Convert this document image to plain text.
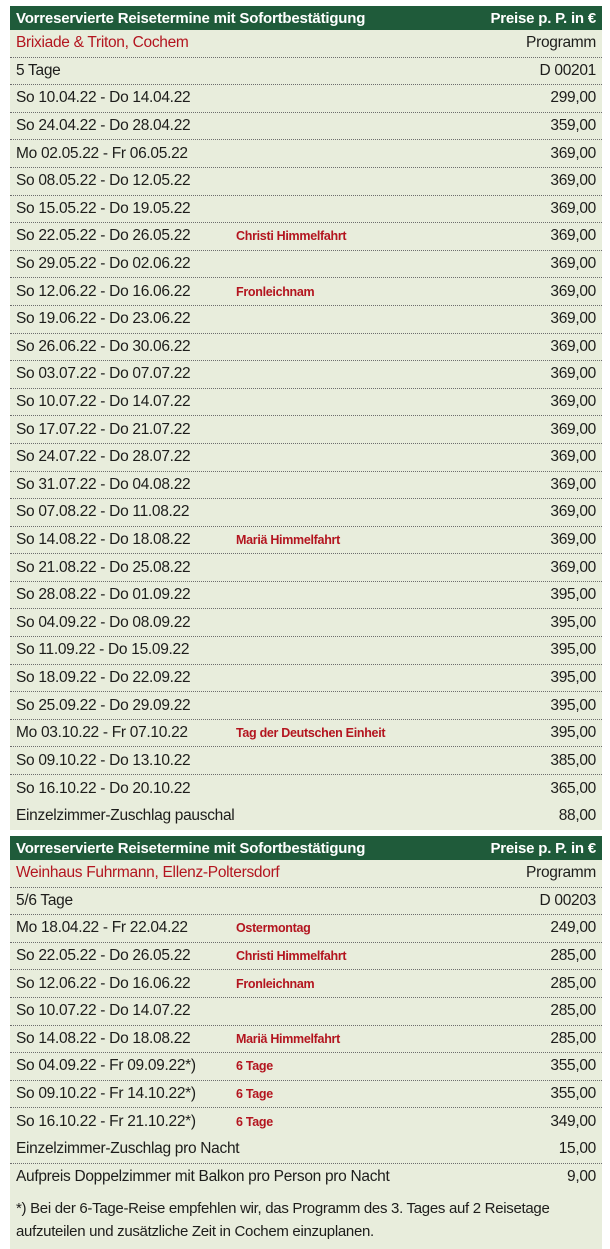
Vorreservierte Reisetermine mit Sofortbestätigung	Preise p. P. in €
Brixiade & Triton, Cochem	Programm
5 Tage	D 00201
So 10.04.22 - Do 14.04.22	299,00
So 24.04.22 - Do 28.04.22	359,00
Mo 02.05.22 - Fr 06.05.22	369,00
So 08.05.22 - Do 12.05.22	369,00
So 15.05.22 - Do 19.05.22	369,00
So 22.05.22 - Do 26.05.22	Christi Himmelfahrt	369,00
So 29.05.22 - Do 02.06.22	369,00
So 12.06.22 - Do 16.06.22	Fronleichnam	369,00
So 19.06.22 - Do 23.06.22	369,00
So 26.06.22 - Do 30.06.22	369,00
So 03.07.22 - Do 07.07.22	369,00
So 10.07.22 - Do 14.07.22	369,00
So 17.07.22 - Do 21.07.22	369,00
So 24.07.22 - Do 28.07.22	369,00
So 31.07.22 - Do 04.08.22	369,00
So 07.08.22 - Do 11.08.22	369,00
So 14.08.22 - Do 18.08.22	Mariä Himmelfahrt	369,00
So 21.08.22 - Do 25.08.22	369,00
So 28.08.22 - Do 01.09.22	395,00
So 04.09.22 - Do 08.09.22	395,00
So 11.09.22 - Do 15.09.22	395,00
So 18.09.22 - Do 22.09.22	395,00
So 25.09.22 - Do 29.09.22	395,00
Mo 03.10.22 - Fr 07.10.22	Tag der Deutschen Einheit	395,00
So 09.10.22 - Do 13.10.22	385,00
So 16.10.22 - Do 20.10.22	365,00
Einzelzimmer-Zuschlag pauschal	88,00
Vorreservierte Reisetermine mit Sofortbestätigung	Preise p. P. in €
Weinhaus Fuhrmann, Ellenz-Poltersdorf	Programm
5/6 Tage	D 00203
Mo 18.04.22 - Fr 22.04.22	Ostermontag	249,00
So 22.05.22 - Do 26.05.22	Christi Himmelfahrt	285,00
So 12.06.22 - Do 16.06.22	Fronleichnam	285,00
So 10.07.22 - Do 14.07.22	285,00
So 14.08.22 - Do 18.08.22	Mariä Himmelfahrt	285,00
So 04.09.22 - Fr 09.09.22*)	6 Tage	355,00
So 09.10.22 - Fr 14.10.22*)	6 Tage	355,00
So 16.10.22 - Fr 21.10.22*)	6 Tage	349,00
Einzelzimmer-Zuschlag pro Nacht	15,00
Aufpreis Doppelzimmer mit Balkon pro Person pro Nacht	9,00
*) Bei der 6-Tage-Reise empfehlen wir, das Programm des 3. Tages auf 2 Reisetage aufzuteilen und zusätzliche Zeit in Cochem einzuplanen.
